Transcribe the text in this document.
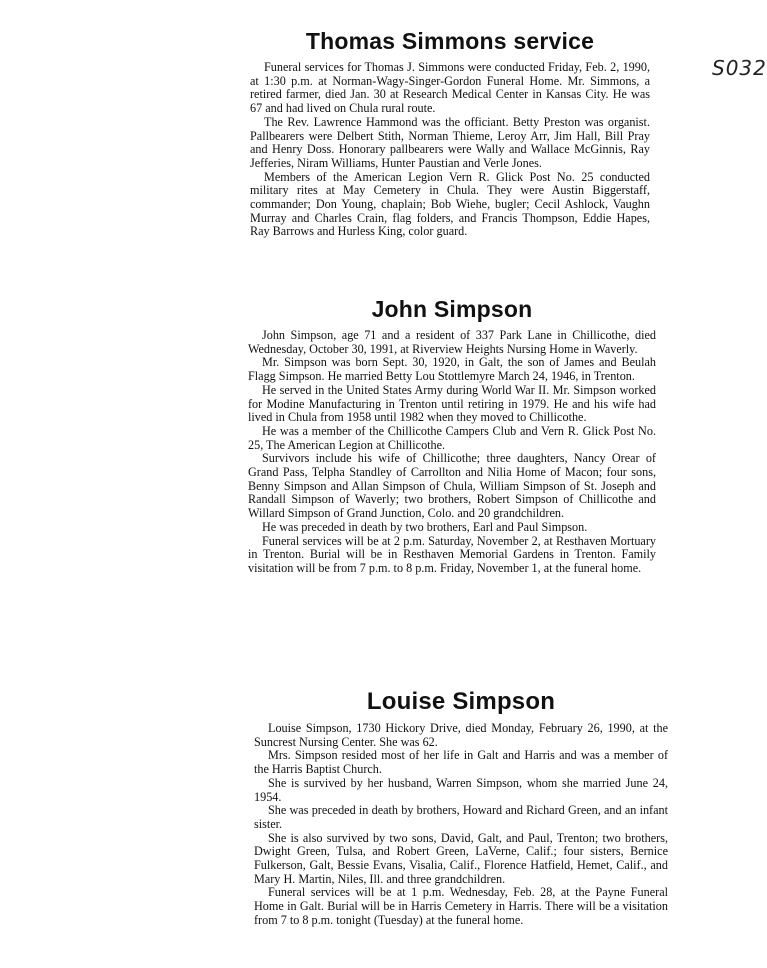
S032
Thomas Simmons service

Funeral services for Thomas J. Simmons were conducted Friday, Feb. 2, 1990, at 1:30 p.m. at Norman-Wagy-Singer-Gordon Funeral Home. Mr. Simmons, a retired farmer, died Jan. 30 at Research Medical Center in Kansas City. He was 67 and had lived on Chula rural route.

The Rev. Lawrence Hammond was the officiant. Betty Preston was organist. Pallbearers were Delbert Stith, Norman Thieme, Leroy Arr, Jim Hall, Bill Pray and Henry Doss. Honorary pallbearers were Wally and Wallace McGinnis, Ray Jefferies, Niram Williams, Hunter Paustian and Verle Jones.

Members of the American Legion Vern R. Glick Post No. 25 conducted military rites at May Cemetery in Chula. They were Austin Biggerstaff, commander; Don Young, chaplain; Bob Wiehe, bugler; Cecil Ashlock, Vaughn Murray and Charles Crain, flag folders, and Francis Thompson, Eddie Hapes, Ray Barrows and Hurless King, color guard.

John Simpson

John Simpson, age 71 and a resident of 337 Park Lane in Chillicothe, died Wednesday, October 30, 1991, at Riverview Heights Nursing Home in Waverly.

Mr. Simpson was born Sept. 30, 1920, in Galt, the son of James and Beulah Flagg Simpson. He married Betty Lou Stottlemyre March 24, 1946, in Trenton.

He served in the United States Army during World War II. Mr. Simpson worked for Modine Manufacturing in Trenton until retiring in 1979. He and his wife had lived in Chula from 1958 until 1982 when they moved to Chillicothe.

He was a member of the Chillicothe Campers Club and Vern R. Glick Post No. 25, The American Legion at Chillicothe.

Survivors include his wife of Chillicothe; three daughters, Nancy Orear of Grand Pass, Telpha Standley of Carrollton and Nilia Home of Macon; four sons, Benny Simpson and Allan Simpson of Chula, William Simpson of St. Joseph and Randall Simpson of Waverly; two brothers, Robert Simpson of Chillicothe and Willard Simpson of Grand Junction, Colo. and 20 grandchildren.

He was preceded in death by two brothers, Earl and Paul Simpson.

Funeral services will be at 2 p.m. Saturday, November 2, at Resthaven Mortuary in Trenton. Burial will be in Resthaven Memorial Gardens in Trenton. Family visitation will be from 7 p.m. to 8 p.m. Friday, November 1, at the funeral home.

Louise Simpson

Louise Simpson, 1730 Hickory Drive, died Monday, February 26, 1990, at the Suncrest Nursing Center. She was 62.

Mrs. Simpson resided most of her life in Galt and Harris and was a member of the Harris Baptist Church.

She is survived by her husband, Warren Simpson, whom she married June 24, 1954.

She was preceded in death by brothers, Howard and Richard Green, and an infant sister.

She is also survived by two sons, David, Galt, and Paul, Trenton; two brothers, Dwight Green, Tulsa, and Robert Green, LaVerne, Calif.; four sisters, Bernice Fulkerson, Galt, Bessie Evans, Visalia, Calif., Florence Hatfield, Hemet, Calif., and Mary H. Martin, Niles, Ill. and three grandchildren.

Funeral services will be at 1 p.m. Wednesday, Feb. 28, at the Payne Funeral Home in Galt. Burial will be in Harris Cemetery in Harris. There will be a visitation from 7 to 8 p.m. tonight (Tuesday) at the funeral home.
